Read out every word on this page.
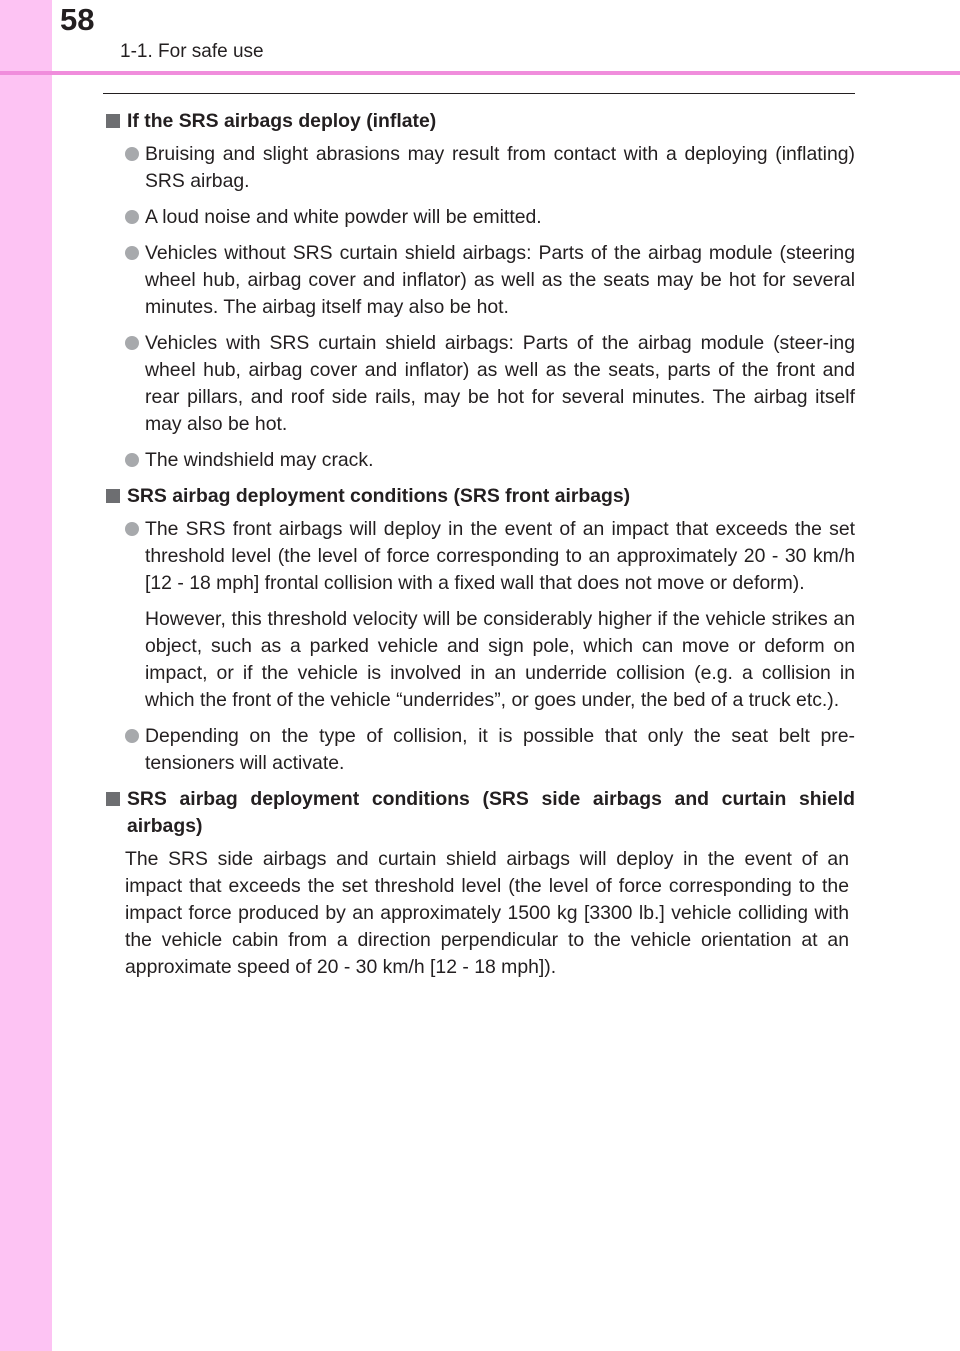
58
1-1. For safe use
If the SRS airbags deploy (inflate)
Bruising and slight abrasions may result from contact with a deploying (inflating) SRS airbag.
A loud noise and white powder will be emitted.
Vehicles without SRS curtain shield airbags: Parts of the airbag module (steering wheel hub, airbag cover and inflator) as well as the seats may be hot for several minutes. The airbag itself may also be hot.
Vehicles with SRS curtain shield airbags: Parts of the airbag module (steer-ing wheel hub, airbag cover and inflator) as well as the seats, parts of the front and rear pillars, and roof side rails, may be hot for several minutes. The airbag itself may also be hot.
The windshield may crack.
SRS airbag deployment conditions (SRS front airbags)
The SRS front airbags will deploy in the event of an impact that exceeds the set threshold level (the level of force corresponding to an approximately 20 - 30 km/h [12 - 18 mph] frontal collision with a fixed wall that does not move or deform).
However, this threshold velocity will be considerably higher if the vehicle strikes an object, such as a parked vehicle and sign pole, which can move or deform on impact, or if the vehicle is involved in an underride collision (e.g. a collision in which the front of the vehicle “underrides”, or goes under, the bed of a truck etc.).
Depending on the type of collision, it is possible that only the seat belt pre-tensioners will activate.
SRS airbag deployment conditions (SRS side airbags and curtain shield airbags)
The SRS side airbags and curtain shield airbags will deploy in the event of an impact that exceeds the set threshold level (the level of force corresponding to the impact force produced by an approximately 1500 kg [3300 lb.] vehicle colliding with the vehicle cabin from a direction perpendicular to the vehicle orientation at an approximate speed of 20 - 30 km/h [12 - 18 mph]).
